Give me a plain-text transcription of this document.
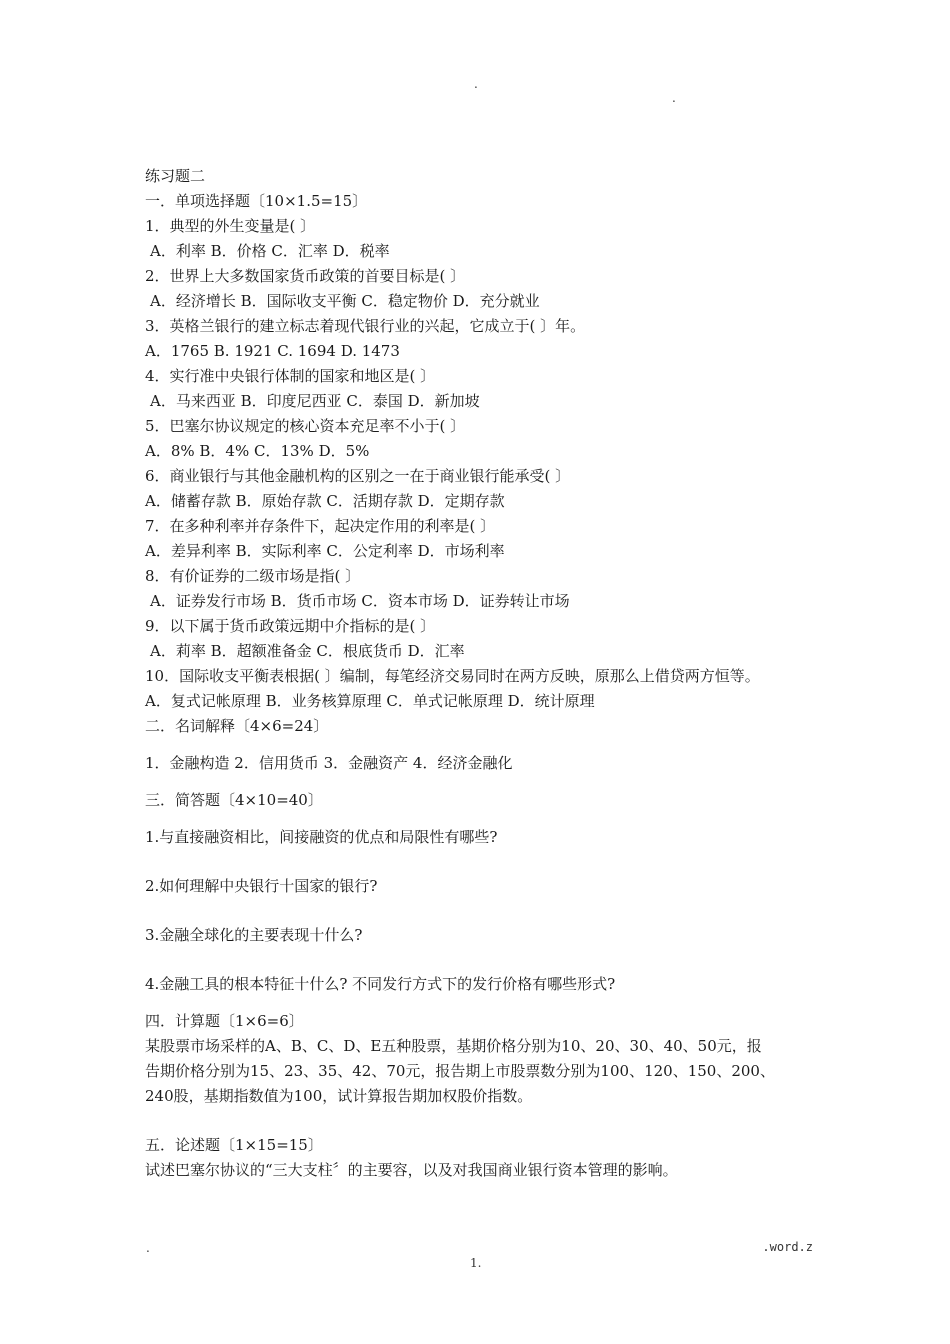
.
.
练习题二
一．单项选择题〔10×1.5=15〕
1．典型的外生变量是( 〕
A．利率 B．价格 C．汇率 D．税率
2．世界上大多数国家货币政策的首要目标是( 〕
A．经济增长 B．国际收支平衡 C．稳定物价 D．充分就业
3．英格兰银行的建立标志着现代银行业的兴起，它成立于( 〕年。
A．1765 B. 1921 C. 1694 D. 1473
4．实行准中央银行体制的国家和地区是( 〕
A．马来西亚 B．印度尼西亚 C．泰国 D．新加坡
5．巴塞尔协议规定的核心资本充足率不小于( 〕
A．8% B．4% C．13% D．5%
6．商业银行与其他金融机构的区别之一在于商业银行能承受( 〕
A．储蓄存款 B．原始存款 C．活期存款 D．定期存款
7．在多种利率并存条件下，起决定作用的利率是( 〕
A．差异利率 B．实际利率 C．公定利率 D．市场利率
8．有价证券的二级市场是指( 〕
A．证券发行市场 B．货币市场 C．资本市场 D．证券转让市场
9．以下属于货币政策远期中介指标的是( 〕
A．莉率 B．超额准备金 C．根底货币 D．汇率
10．国际收支平衡表根据( 〕编制，每笔经济交易同时在两方反映，原那么上借贷两方恒等。
A．复式记帐原理 B．业务核算原理 C．单式记帐原理 D．统计原理
二．名词解释〔4×6=24〕
1．金融构造 2．信用货币 3．金融资产 4．经济金融化
三．简答题〔4×10=40〕
1.与直接融资相比，间接融资的优点和局限性有哪些?
2.如何理解中央银行十国家的银行?
3.金融全球化的主要表现十什么?
4.金融工具的根本特征十什么? 不同发行方式下的发行价格有哪些形式?
四．计算题〔1×6=6〕
某股票市场采样的A、B、C、D、E五种股票，基期价格分别为10、20、30、40、50元，报
告期价格分别为15、23、35、42、70元，报告期上市股票数分别为100、120、150、200、
240股，基期指数值为100，试计算报告期加权股价指数。
五．论述题〔1×15=15〕
试述巴塞尔协议的“三大支柱〞的主要容，以及对我国商业银行资本管理的影响。
.	.word.z
1.
